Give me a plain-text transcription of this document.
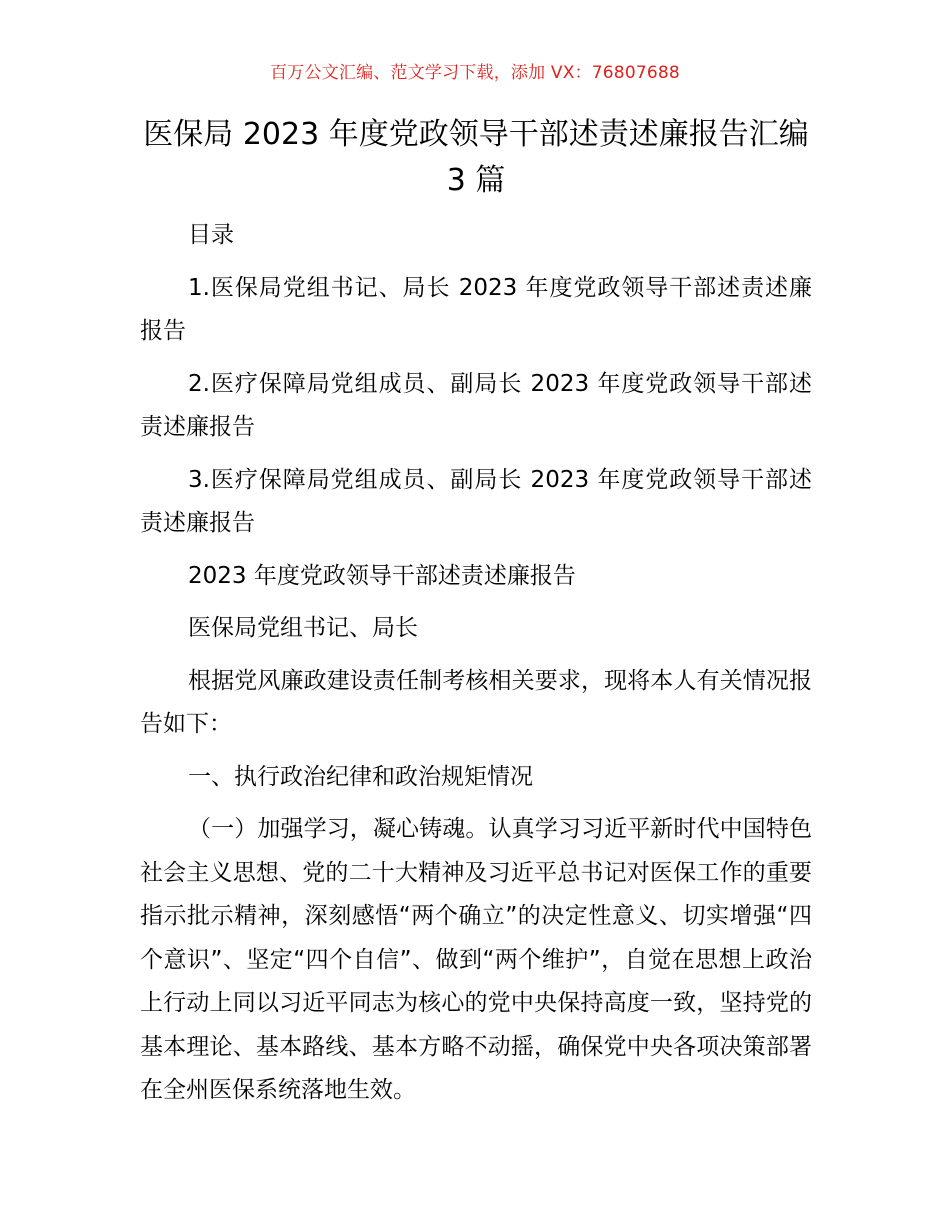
百万公文汇编、范文学习下载，添加 VX：76807688
医保局 2023 年度党政领导干部述责述廉报告汇编 3 篇

目录

1.医保局党组书记、局长 2023 年度党政领导干部述责述廉报告

2.医疗保障局党组成员、副局长 2023 年度党政领导干部述责述廉报告

3.医疗保障局党组成员、副局长 2023 年度党政领导干部述责述廉报告

2023 年度党政领导干部述责述廉报告

医保局党组书记、局长

根据党风廉政建设责任制考核相关要求，现将本人有关情况报告如下：

一、执行政治纪律和政治规矩情况

（一）加强学习，凝心铸魂。认真学习习近平新时代中国特色社会主义思想、党的二十大精神及习近平总书记对医保工作的重要指示批示精神，深刻感悟“两个确立”的决定性意义、切实增强“四个意识”、坚定“四个自信”、做到“两个维护”，自觉在思想上政治上行动上同以习近平同志为核心的党中央保持高度一致，坚持党的基本理论、基本路线、基本方略不动摇，确保党中央各项决策部署在全州医保系统落地生效。
